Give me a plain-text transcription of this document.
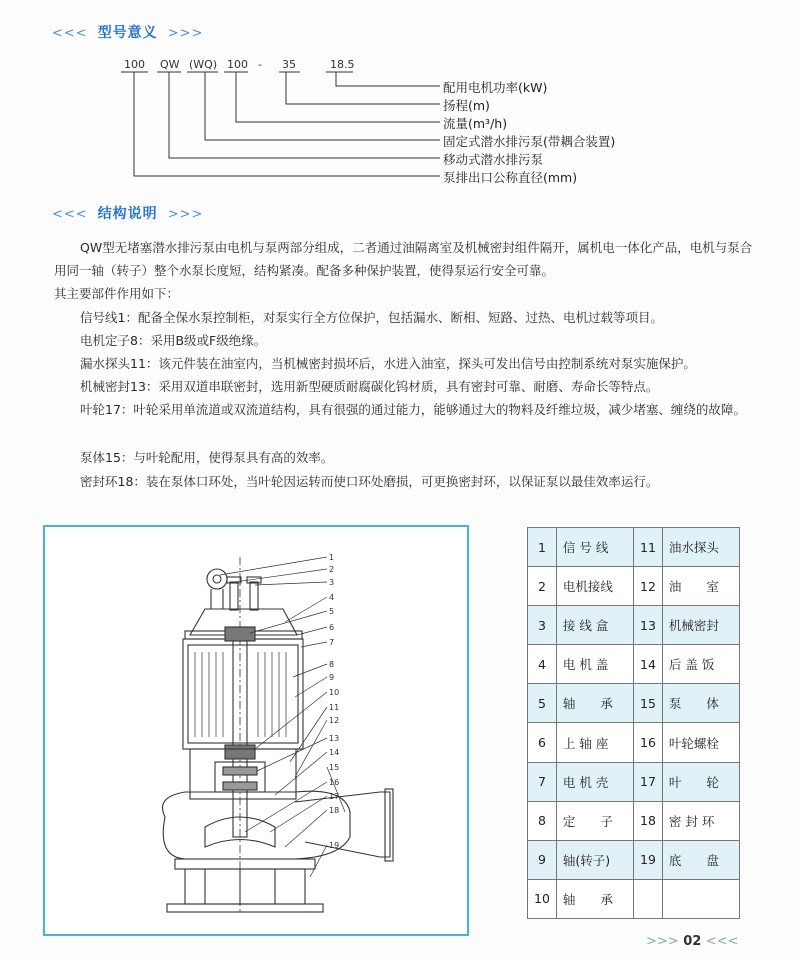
<<< 型号意义 >>>
100 QW (WQ) 100 - 35	18.5
配用电机功率(kW)
扬程(m)
流量(m³/h)
固定式潜水排污泵(带耦合装置)
移动式潜水排污泵
泵排出口公称直径(mm)
<<< 结构说明 >>>

QW型无堵塞潜水排污泵由电机与泵两部分组成，二者通过油隔离室及机械密封组件隔开，属机电一体化产品，电机与泵合用同一轴（转子）整个水泵长度短，结构紧凑。配备多种保护装置，使得泵运行安全可靠。

其主要部件作用如下：

信号线1：配备全保水泵控制柜，对泵实行全方位保护，包括漏水、断相、短路、过热、电机过载等项目。

电机定子8：采用B级或F级绝缘。

漏水探头11：该元件装在油室内，当机械密封损坏后，水进入油室，探头可发出信号由控制系统对泵实施保护。

机械密封13：采用双道串联密封，选用新型硬质耐腐碳化钨材质，具有密封可靠、耐磨、寿命长等特点。

叶轮17：叶轮采用单流道或双流道结构，具有很强的通过能力，能够通过大的物料及纤维垃圾，减少堵塞、缠绕的故障。

泵体15：与叶轮配用，使得泵具有高的效率。

密封环18：装在泵体口环处，当叶轮因运转而使口环处磨损，可更换密封环，以保证泵以最佳效率运行。

1
2
3
4
5
6
7
8
9
10
11
12
13
14
15
16
17
18
19
1	信 号 线	11	油水探头
2	电机接线	12	油　　室
3	接 线 盒	13	机械密封
4	电 机 盖	14	后 盖 饭
5	轴　　承	15	泵　　体
6	上 轴 座	16	叶轮螺栓
7	电 机 壳	17	叶　　轮
8	定　　子	18	密 封 环
9	轴(转子)	19	底　　盘
10	轴　　承		
>>> 02 <<<
